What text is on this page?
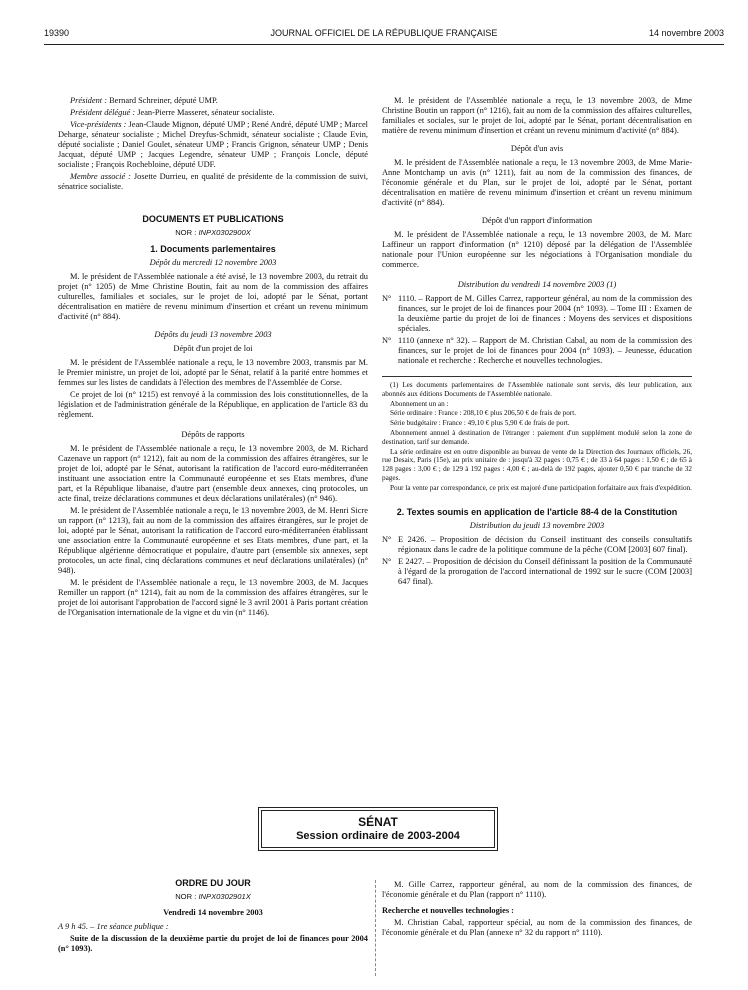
19390	JOURNAL OFFICIEL DE LA RÉPUBLIQUE FRANÇAISE	14 novembre 2003

Président : Bernard Schreiner, député UMP.

Président délégué : Jean-Pierre Masseret, sénateur socialiste.

Vice-présidents : Jean-Claude Mignon, député UMP ; René André, député UMP ; Marcel Deharge, sénateur socialiste ; Michel Dreyfus-Schmidt, sénateur socialiste ; Claude Evin, député socialiste ; Daniel Goulet, sénateur UMP ; Francis Grignon, sénateur UMP ; Denis Jacquat, député UMP ; Jacques Legendre, sénateur UMP ; François Loncle, député socialiste ; François Rochebloine, député UDF.

Membre associé : Josette Durrieu, en qualité de présidente de la commission de suivi, sénatrice socialiste.

DOCUMENTS ET PUBLICATIONS
NOR : INPX0302900X
1. Documents parlementaires
Dépôt du mercredi 12 novembre 2003

M. le président de l'Assemblée nationale a été avisé, le 13 novembre 2003, du retrait du projet (n° 1205) de Mme Christine Boutin, fait au nom de la commission des affaires culturelles, familiales et sociales, sur le projet de loi, adopté par le Sénat, portant décentralisation en matière de revenu minimum d'insertion et créant un revenu minimum d'activité (n° 884).

Dépôts du jeudi 13 novembre 2003
Dépôt d'un projet de loi

M. le président de l'Assemblée nationale a reçu, le 13 novembre 2003, transmis par M. le Premier ministre, un projet de loi, adopté par le Sénat, relatif à la parité entre hommes et femmes sur les listes de candidats à l'élection des membres de l'Assemblée de Corse.

Ce projet de loi (n° 1215) est renvoyé à la commission des lois constitutionnelles, de la législation et de l'administration générale de la République, en application de l'article 83 du règlement.

Dépôts de rapports

M. le président de l'Assemblée nationale a reçu, le 13 novembre 2003, de M. Richard Cazenave un rapport (n° 1212), fait au nom de la commission des affaires étrangères, sur le projet de loi, adopté par le Sénat, autorisant la ratification de l'accord euro-méditerranéen instituant une association entre la Communauté européenne et ses Etats membres, d'une part, et la République libanaise, d'autre part (ensemble deux annexes, cinq protocoles, un acte final, treize déclarations communes et deux déclarations unilatérales) (n° 946).

M. le président de l'Assemblée nationale a reçu, le 13 novembre 2003, de M. Henri Sicre un rapport (n° 1213), fait au nom de la commission des affaires étrangères, sur le projet de loi, adopté par le Sénat, autorisant la ratification de l'accord euro-méditerranéen établissant une association entre la Communauté européenne et ses Etats membres, d'une part, et la République algérienne démocratique et populaire, d'autre part (ensemble six annexes, sept protocoles, un acte final, cinq déclarations communes et neuf déclarations unilatérales) (n° 948).

M. le président de l'Assemblée nationale a reçu, le 13 novembre 2003, de M. Jacques Remiller un rapport (n° 1214), fait au nom de la commission des affaires étrangères, sur le projet de loi autorisant l'approbation de l'accord signé le 3 avril 2001 à Paris portant création de l'Organisation internationale de la vigne et du vin (n° 1146).

M. le président de l'Assemblée nationale a reçu, le 13 novembre 2003, de Mme Christine Boutin un rapport (n° 1216), fait au nom de la commission des affaires culturelles, familiales et sociales, sur le projet de loi, adopté par le Sénat, portant décentralisation en matière de revenu minimum d'insertion et créant un revenu minimum d'activité (n° 884).

Dépôt d'un avis

M. le président de l'Assemblée nationale a reçu, le 13 novembre 2003, de Mme Marie-Anne Montchamp un avis (n° 1211), fait au nom de la commission des finances, de l'économie générale et du Plan, sur le projet de loi, adopté par le Sénat, portant décentralisation en matière de revenu minimum d'insertion et créant un revenu minimum d'activité (n° 884).

Dépôt d'un rapport d'information

M. le président de l'Assemblée nationale a reçu, le 13 novembre 2003, de M. Marc Laffineur un rapport d'information (n° 1210) déposé par la délégation de l'Assemblée nationale pour l'Union européenne sur les négociations à l'Organisation mondiale du commerce.

Distribution du vendredi 14 novembre 2003 (1)
N° 1110. – Rapport de M. Gilles Carrez, rapporteur général, au nom de la commission des finances, sur le projet de loi de finances pour 2004 (n° 1093). – Tome III : Examen de la deuxième partie du projet de loi de finances : Moyens des services et dispositions spéciales.
N° 1110 (annexe n° 32). – Rapport de M. Christian Cabal, au nom de la commission des finances, sur le projet de loi de finances pour 2004 (n° 1093). – Jeunesse, éducation nationale et recherche : Recherche et nouvelles technologies.

(1) Les documents parlementaires de l'Assemblée nationale sont servis, dès leur publication, aux abonnés aux éditions Documents de l'Assemblée nationale.

Abonnement un an :

Série ordinaire : France : 208,10 € plus 206,50 € de frais de port.

Série budgétaire : France : 49,10 € plus 5,90 € de frais de port.

Abonnement annuel à destination de l'étranger : paiement d'un supplément modulé selon la zone de destination, tarif sur demande.

La série ordinaire est en outre disponible au bureau de vente de la Direction des Journaux officiels, 26, rue Desaix, Paris (15e), au prix unitaire de : jusqu'à 32 pages : 0,75 € ; de 33 à 64 pages : 1,50 € ; de 65 à 128 pages : 3,00 € ; de 129 à 192 pages : 4,00 € ; au-delà de 192 pages, ajouter 0,50 € par tranche de 32 pages.

Pour la vente par correspondance, ce prix est majoré d'une participation forfaitaire aux frais d'expédition.

2. Textes soumis en application de l'article 88-4 de la Constitution
Distribution du jeudi 13 novembre 2003
N° E 2426. – Proposition de décision du Conseil instituant des conseils consultatifs régionaux dans le cadre de la politique commune de la pêche (COM [2003] 607 final).
N° E 2427. – Proposition de décision du Conseil définissant la position de la Communauté à l'égard de la prorogation de l'accord international de 1992 sur le sucre (COM [2003] 647 final).
SÉNAT
Session ordinaire de 2003-2004
ORDRE DU JOUR
NOR : INPX0302901X
Vendredi 14 novembre 2003

A 9 h 45. – 1re séance publique :

Suite de la discussion de la deuxième partie du projet de loi de finances pour 2004 (n° 1093).

M. Gille Carrez, rapporteur général, au nom de la commission des finances, de l'économie générale et du Plan (rapport n° 1110).

Recherche et nouvelles technologies :

M. Christian Cabal, rapporteur spécial, au nom de la commission des finances, de l'économie générale et du Plan (annexe n° 32 du rapport n° 1110).
